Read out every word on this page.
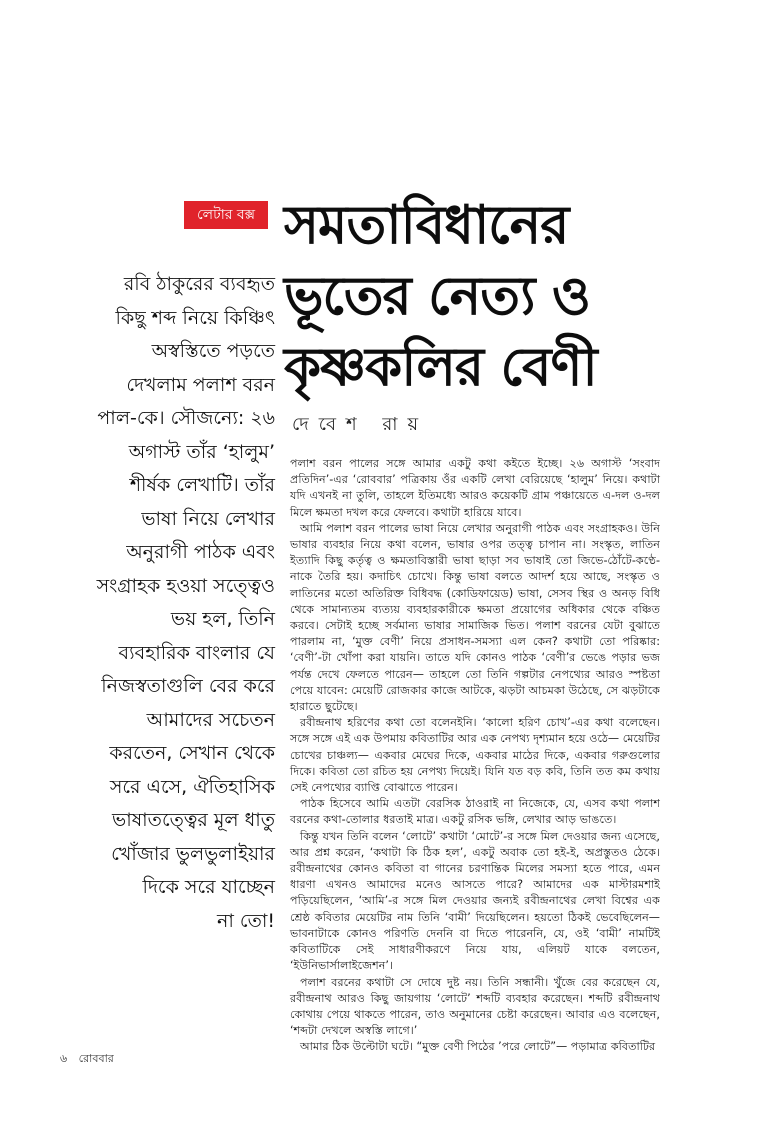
লেটার বক্স সমতাবিধানের
ভূতের নেত্য ও
কৃষ্ণকলির বেণী
দেবেশ রায়
রবি ঠাকুরের ব্যবহৃত
কিছু শব্দ নিয়ে কিঞ্চিৎ
অস্বস্তিতে পড়তে
দেখলাম পলাশ বরন
পাল-কে। সৌজন্যে: ২৬
অগাস্ট তাঁর ‘হালুম’
শীর্ষক লেখাটি। তাঁর
ভাষা নিয়ে লেখার
অনুরাগী পাঠক এবং
সংগ্রাহক হওয়া সত্ত্বেও
ভয় হল, তিনি
ব্যবহারিক বাংলার যে
নিজস্বতাগুলি বের করে
আমাদের সচেতন
করতেন, সেখান থেকে
সরে এসে, ঐতিহাসিক
ভাষাতত্ত্বের মূল ধাতু
খোঁজার ভুলভুলাইয়ার
দিকে সরে যাচ্ছেন
না তো!

পলাশ বরন পালের সঙ্গে আমার একটু কথা কইতে ইচ্ছে। ২৬ অগাস্ট ‘সংবাদ প্রতিদিন’-এর ‘রোববার’ পত্রিকায় ওঁর একটি লেখা বেরিয়েছে ‘হালুম’ নিয়ে। কথাটা যদি এখনই না তুলি, তাহলে ইতিমধ্যে আরও কয়েকটি গ্রাম পঞ্চায়েতে এ-দল ও-দল মিলে ক্ষমতা দখল করে ফেলবে। কথাটা হারিয়ে যাবে।

আমি পলাশ বরন পালের ভাষা নিয়ে লেখার অনুরাগী পাঠক এবং সংগ্রাহকও। উনি ভাষার ব্যবহার নিয়ে কথা বলেন, ভাষার ওপর তত্ত্ব চাপান না। সংস্কৃত, লাতিন ইত্যাদি কিছু কর্তৃত্ব ও ক্ষমতাবিস্তারী ভাষা ছাড়া সব ভাষাই তো জিভে-ঠোঁটে-কণ্ঠে-নাকে তৈরি হয়। কদাচিৎ চোখে। কিন্তু ভাষা বলতে আদর্শ হয়ে আছে, সংস্কৃত ও লাতিনের মতো অতিরিক্ত বিধিবদ্ধ (কোডিফায়েড) ভাষা, সেসব স্থির ও অনড় বিধি থেকে সামান্যতম ব্যত্যয় ব্যবহারকারীকে ক্ষমতা প্রয়োগের অধিকার থেকে বঞ্চিত করবে। সেটাই হচ্ছে সর্বমান্য ভাষার সামাজিক ভিত। পলাশ বরনের যেটা বুঝাতে পারলাম না, ‘মুক্ত বেণী’ নিয়ে প্রসাধন-সমস্যা এল কেন? কথাটা তো পরিষ্কার: ‘বেণী’-টা খোঁপা করা যায়নি। তাতে যদি কোনও পাঠক ‘বেণী’র ভেঙে পড়ার ভজ পর্যন্ত দেখে ফেলতে পারেন— তাহলে তো তিনি গল্পটার নেপথ্যের আরও স্পষ্টতা পেয়ে যাবেন: মেয়েটি রোজকার কাজে আটকে, ঝড়টা আচমকা উঠেছে, সে ঝড়টাকে হারাতে ছুটেছে।

রবীন্দ্রনাথ হরিণের কথা তো বলেনইনি। ‘কালো হরিণ চোখ’-এর কথা বলেছেন। সঙ্গে সঙ্গে এই এক উপমায় কবিতাটির আর এক নেপথ্য দৃশ্যমান হয়ে ওঠে— মেয়েটির চোখের চাঞ্চল্য— একবার মেঘের দিকে, একবার মাঠের দিকে, একবার গরুগুলোর দিকে। কবিতা তো রচিত হয় নেপথ্য দিয়েই। যিনি যত বড় কবি, তিনি তত কম কথায় সেই নেপথ্যের ব্যাপ্তি বোঝাতে পারেন।

পাঠক হিসেবে আমি এতটা বেরসিক ঠাওরাই না নিজেকে, যে, এসব কথা পলাশ বরনের কথা-তোলার ধরতাই মাত্র। একটু রসিক ভঙ্গি, লেখার আড় ভাঙতে।

কিন্তু যখন তিনি বলেন ‘লোটে’ কথাটা ‘মোটে’-র সঙ্গে মিল দেওয়ার জন্য এসেছে, আর প্রশ্ন করেন, ‘কথাটা কি ঠিক হল’, একটু অবাক তো হই-ই, অপ্রস্তুতও ঠেকে। রবীন্দ্রনাথের কোনও কবিতা বা গানের চরণান্তিক মিলের সমস্যা হতে পারে, এমন ধারণা এখনও আমাদের মনেও আসতে পারে? আমাদের এক মাস্টারমশাই পড়িয়েছিলেন, ‘আমি’-র সঙ্গে মিল দেওয়ার জন্যই রবীন্দ্রনাথের লেখা বিশ্বের এক শ্রেষ্ঠ কবিতার মেয়েটির নাম তিনি ‘বামী’ দিয়েছিলেন। হয়তো ঠিকই ভেবেছিলেন— ভাবনাটাকে কোনও পরিণতি দেননি বা দিতে পারেননি, যে, ওই ‘বামী’ নামটিই কবিতাটিকে সেই সাধারণীকরণে নিয়ে যায়, এলিয়ট যাকে বলতেন, ‘ইউনিভার্সালাইজেশন’।

পলাশ বরনের কথাটা সে দোষে দুষ্ট নয়। তিনি সন্ধানী। খুঁজে বের করেছেন যে, রবীন্দ্রনাথ আরও কিছু জায়গায় ‘লোটে’ শব্দটি ব্যবহার করেছেন। শব্দটি রবীন্দ্রনাথ কোথায় পেয়ে থাকতে পারেন, তাও অনুমানের চেষ্টা করেছেন। আবার এও বলেছেন, ‘শব্দটা দেখলে অস্বস্তি লাগে।’

আমার ঠিক উল্টোটা ঘটে। “মুক্ত বেণী পিঠের ’পরে লোটে”— পড়ামাত্র কবিতাটির

৬ রোববার
